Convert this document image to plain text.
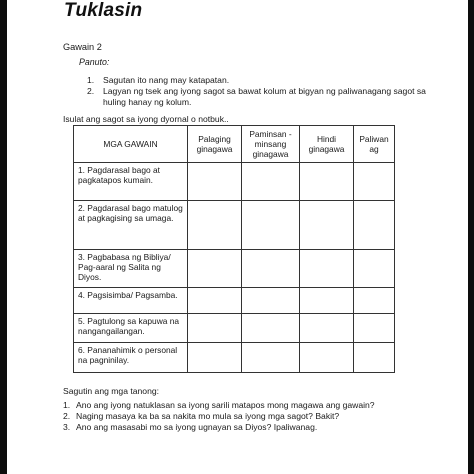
Tuklasin
Gawain 2
Panuto:
1.	Sagutan ito nang may katapatan.
2.	Lagyan ng tsek ang iyong sagot sa bawat kolum at bigyan ng paliwanagang sagot sa huling hanay ng kolum.
Isulat ang sagot sa iyong dyornal o notbuk..
MGA GAWAIN	Palaging ginagawa	Paminsan - minsang ginagawa	Hindi ginagawa	Paliwan ag
1. Pagdarasal bago at pagkatapos kumain.				
2. Pagdarasal bago matulog at pagkagising sa umaga.				
3. Pagbabasa ng Bibliya/ Pag-aaral ng Salita ng Diyos.				
4. Pagsisimba/ Pagsamba.				
5. Pagtulong sa kapuwa na nangangailangan.				
6. Pananahimik o personal na pagninilay.				
Sagutin ang mga tanong:
1. Ano ang iyong natuklasan sa iyong sarili matapos mong magawa ang gawain?
2. Naging masaya ka ba sa nakita mo mula sa iyong mga sagot? Bakit?
3. Ano ang masasabi mo sa iyong ugnayan sa Diyos? Ipaliwanag.
